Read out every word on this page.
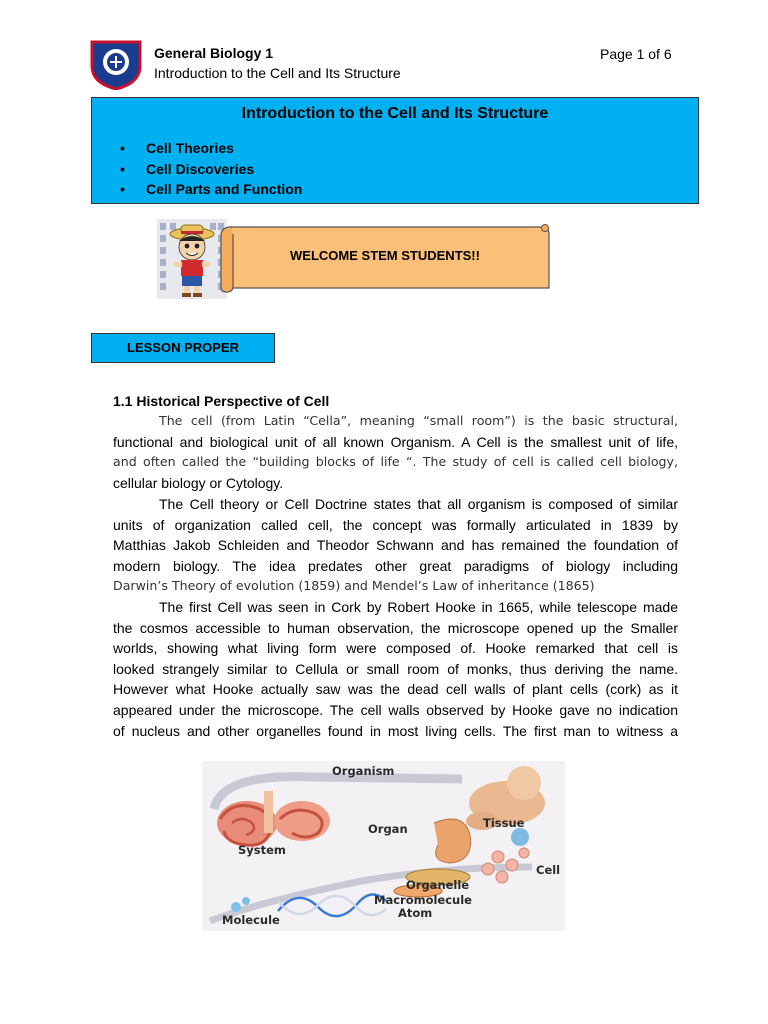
General Biology 1
Introduction to the Cell and Its Structure
Page 1 of 6
Introduction to the Cell and Its Structure
• Cell Theories
• Cell Discoveries
• Cell Parts and Function
WELCOME STEM STUDENTS!!
LESSON PROPER
1.1 Historical Perspective of Cell
The cell (from Latin “Cella”, meaning “small room”) is the basic structural,
functional and biological unit of all known Organism. A Cell is the smallest unit of life,
and often called the “building blocks of life “. The study of cell is called cell biology,
cellular biology or Cytology.
The Cell theory or Cell Doctrine states that all organism is composed of similar
units of organization called cell, the concept was formally articulated in 1839 by
Matthias Jakob Schleiden and Theodor Schwann and has remained the foundation of
modern biology. The idea predates other great paradigms of biology including
Darwin’s Theory of evolution (1859) and Mendel’s Law of inheritance (1865)
The first Cell was seen in Cork by Robert Hooke in 1665, while telescope made
the cosmos accessible to human observation, the microscope opened up the Smaller
worlds, showing what living form were composed of. Hooke remarked that cell is
looked strangely similar to Cellula or small room of monks, thus deriving the name.
However what Hooke actually saw was the dead cell walls of plant cells (cork) as it
appeared under the microscope. The cell walls observed by Hooke gave no indication
of nucleus and other organelles found in most living cells. The first man to witness a
Organism
Tissue
Organ
System
Cell
Organelle
Macromolecule
Atom
Molecule
